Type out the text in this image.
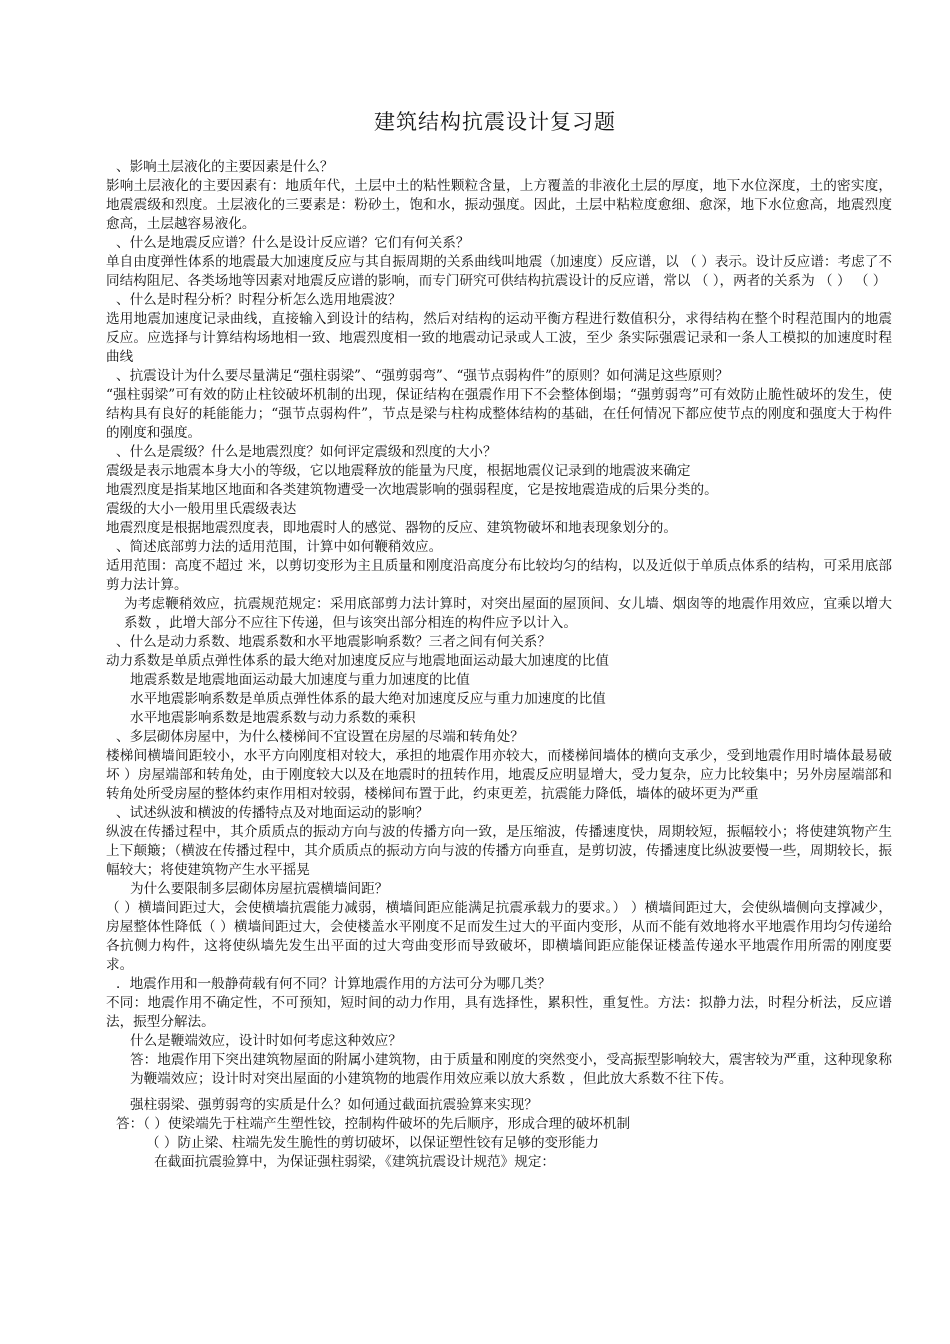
建筑结构抗震设计复习题

、影响土层液化的主要因素是什么？

影响土层液化的主要因素有：地质年代，土层中土的粘性颗粒含量，上方覆盖的非液化土层的厚度，地下水位深度，土的密实度，地震震级和烈度。土层液化的三要素是：粉砂土，饱和水，振动强度。因此，土层中粘粒度愈细、愈深，地下水位愈高，地震烈度愈高，土层越容易液化。

、什么是地震反应谱？什么是设计反应谱？它们有何关系？

单自由度弹性体系的地震最大加速度反应与其自振周期的关系曲线叫地震（加速度）反应谱，以 （ ）表示。设计反应谱：考虑了不同结构阻尼、各类场地等因素对地震反应谱的影响，而专门研究可供结构抗震设计的反应谱，常以 （ ），两者的关系为 （ ） （ ）

、什么是时程分析？时程分析怎么选用地震波？

选用地震加速度记录曲线，直接输入到设计的结构，然后对结构的运动平衡方程进行数值积分，求得结构在整个时程范围内的地震反应。应选择与计算结构场地相一致、地震烈度相一致的地震动记录或人工波，至少 条实际强震记录和一条人工模拟的加速度时程曲线

、抗震设计为什么要尽量满足“强柱弱梁”、“强剪弱弯”、“强节点弱构件”的原则？如何满足这些原则？

“强柱弱梁”可有效的防止柱铰破坏机制的出现，保证结构在强震作用下不会整体倒塌；“强剪弱弯”可有效防止脆性破坏的发生，使结构具有良好的耗能能力；“强节点弱构件”，节点是梁与柱构成整体结构的基础，在任何情况下都应使节点的刚度和强度大于构件的刚度和强度。

、什么是震级？什么是地震烈度？如何评定震级和烈度的大小？

震级是表示地震本身大小的等级，它以地震释放的能量为尺度，根据地震仪记录到的地震波来确定

地震烈度是指某地区地面和各类建筑物遭受一次地震影响的强弱程度，它是按地震造成的后果分类的。

震级的大小一般用里氏震级表达

地震烈度是根据地震烈度表，即地震时人的感觉、器物的反应、建筑物破坏和地表现象划分的。

、简述底部剪力法的适用范围，计算中如何鞭稍效应。

适用范围：高度不超过 米，以剪切变形为主且质量和刚度沿高度分布比较均匀的结构，以及近似于单质点体系的结构，可采用底部剪力法计算。

为考虑鞭稍效应，抗震规范规定：采用底部剪力法计算时，对突出屋面的屋顶间、女儿墙、烟囱等的地震作用效应，宜乘以增大系数 ，此增大部分不应往下传递，但与该突出部分相连的构件应予以计入。

、什么是动力系数、地震系数和水平地震影响系数？三者之间有何关系？

动力系数是单质点弹性体系的最大绝对加速度反应与地震地面运动最大加速度的比值

地震系数是地震地面运动最大加速度与重力加速度的比值

水平地震影响系数是单质点弹性体系的最大绝对加速度反应与重力加速度的比值

水平地震影响系数是地震系数与动力系数的乘积

、多层砌体房屋中，为什么楼梯间不宜设置在房屋的尽端和转角处？

楼梯间横墙间距较小，水平方向刚度相对较大，承担的地震作用亦较大，而楼梯间墙体的横向支承少，受到地震作用时墙体最易破坏 ）房屋端部和转角处，由于刚度较大以及在地震时的扭转作用，地震反应明显增大，受力复杂，应力比较集中；另外房屋端部和转角处所受房屋的整体约束作用相对较弱，楼梯间布置于此，约束更差，抗震能力降低，墙体的破坏更为严重

、试述纵波和横波的传播特点及对地面运动的影响？

纵波在传播过程中，其介质质点的振动方向与波的传播方向一致，是压缩波，传播速度快，周期较短，振幅较小；将使建筑物产生上下颠簸；（横波在传播过程中，其介质质点的振动方向与波的传播方向垂直，是剪切波，传播速度比纵波要慢一些，周期较长，振幅较大；将使建筑物产生水平摇晃

为什么要限制多层砌体房屋抗震横墙间距？

（ ）横墙间距过大，会使横墙抗震能力减弱，横墙间距应能满足抗震承载力的要求。） ）横墙间距过大，会使纵墙侧向支撑减少，房屋整体性降低（ ）横墙间距过大，会使楼盖水平刚度不足而发生过大的平面内变形，从而不能有效地将水平地震作用均匀传递给各抗侧力构件，这将使纵墙先发生出平面的过大弯曲变形而导致破坏，即横墙间距应能保证楼盖传递水平地震作用所需的刚度要求。

．地震作用和一般静荷载有何不同？计算地震作用的方法可分为哪几类？

不同：地震作用不确定性，不可预知，短时间的动力作用，具有选择性，累积性，重复性。方法：拟静力法，时程分析法，反应谱法，振型分解法。

什么是鞭端效应，设计时如何考虑这种效应？

答：地震作用下突出建筑物屋面的附属小建筑物，由于质量和刚度的突然变小，受高振型影响较大，震害较为严重，这种现象称为鞭端效应；设计时对突出屋面的小建筑物的地震作用效应乘以放大系数 ，但此放大系数不往下传。

强柱弱梁、强剪弱弯的实质是什么？如何通过截面抗震验算来实现？

答：（ ）使梁端先于柱端产生塑性铰，控制构件破坏的先后顺序，形成合理的破坏机制

（ ）防止梁、柱端先发生脆性的剪切破坏，以保证塑性铰有足够的变形能力

在截面抗震验算中，为保证强柱弱梁，《建筑抗震设计规范》规定：
